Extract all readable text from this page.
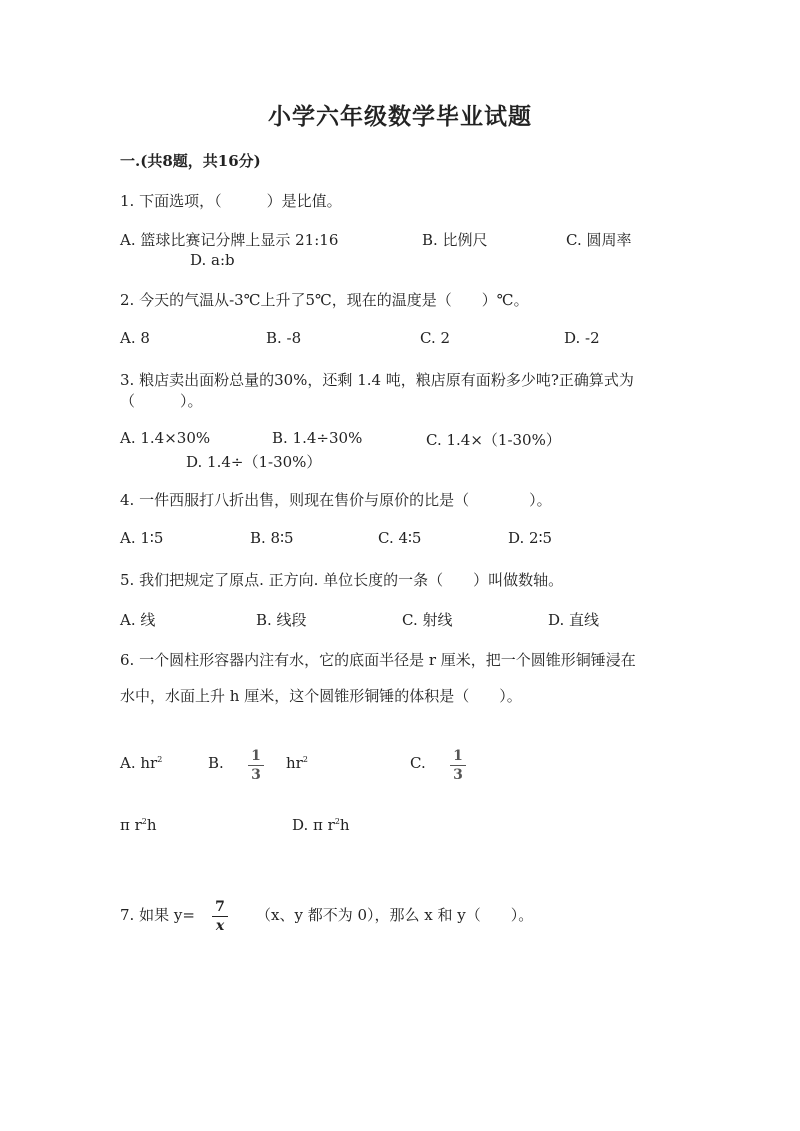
小学六年级数学毕业试题
一.(共8题，共16分)
1. 下面选项，（　　　）是比值。
A. 篮球比赛记分牌上显示 21:16	B. 比例尺	C. 圆周率
D. a:b
2. 今天的气温从-3℃上升了5℃，现在的温度是（　　）℃。
A. 8	B. -8	C. 2	D. -2
3. 粮店卖出面粉总量的30%，还剩 1.4 吨，粮店原有面粉多少吨?正确算式为
（　　　）。
A. 1.4×30%	B. 1.4÷30%	C. 1.4×（1-30%）
D. 1.4÷（1-30%）
4. 一件西服打八折出售，则现在售价与原价的比是（　　　　）。
A. 1∶5	B. 8∶5	C. 4∶5	D. 2∶5
5. 我们把规定了原点. 正方向. 单位长度的一条（　　）叫做数轴。
A. 线	B. 线段	C. 射线	D. 直线
6. 一个圆柱形容器内注有水，它的底面半径是 r 厘米，把一个圆锥形铜锤浸在
水中，水面上升 h 厘米，这个圆锥形铜锤的体积是（　　）。
A. $hr^2$	B. 1
3
$hr^2$	C. 1
3
π $r^2h$	D. π $r^2h$
7. 如果 y= 7
x
（x、y 都不为 0），那么 x 和 y（　　）。
